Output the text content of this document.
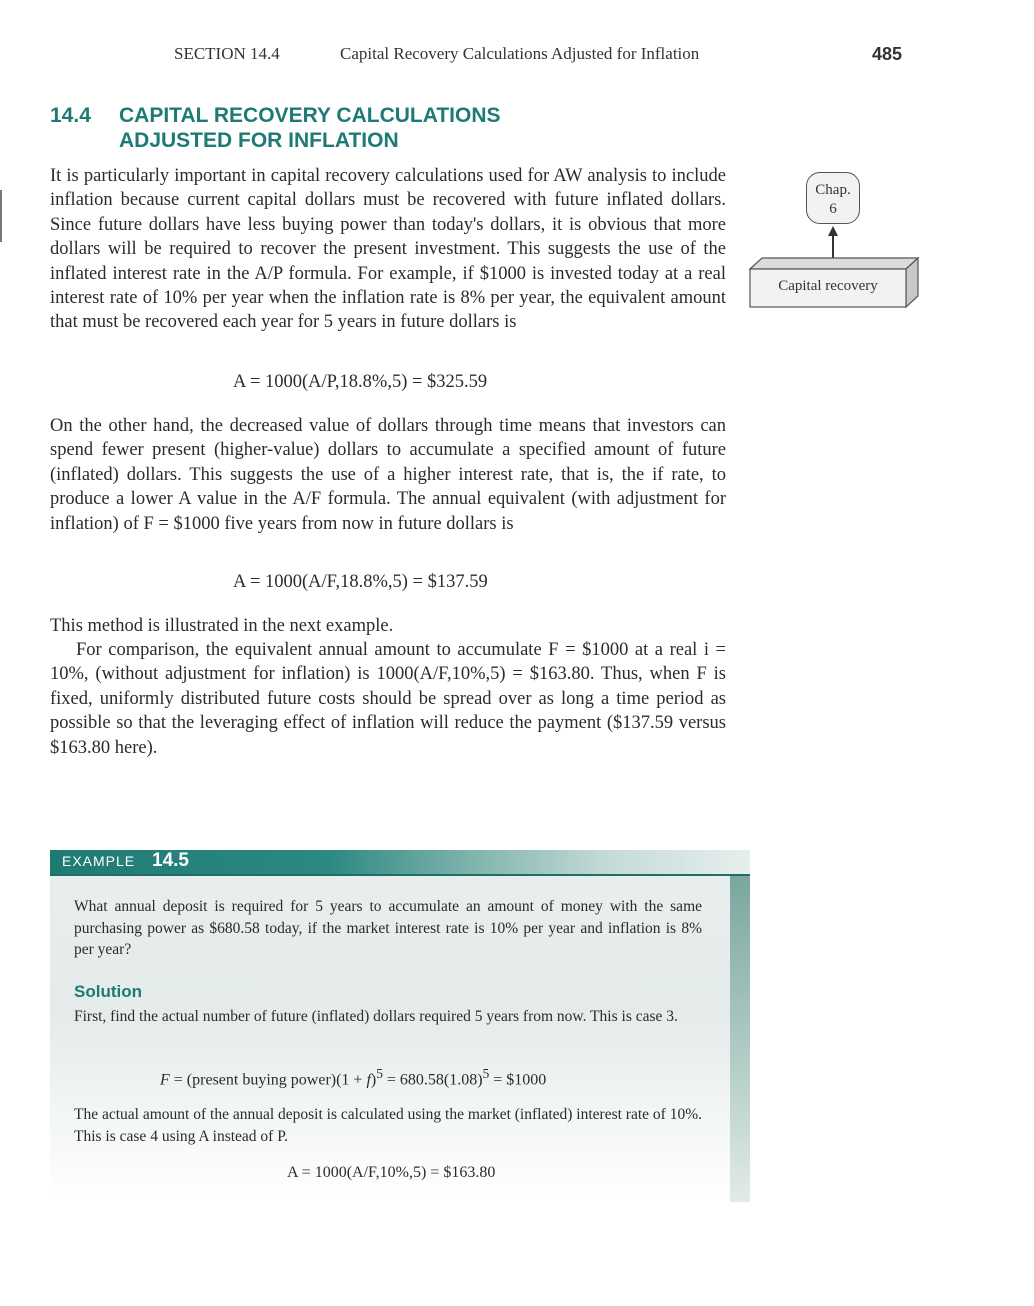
SECTION 14.4	Capital Recovery Calculations Adjusted for Inflation	485
14.4 CAPITAL RECOVERY CALCULATIONS
ADJUSTED FOR INFLATION
It is particularly important in capital recovery calculations used for AW analysis to include inflation because current capital dollars must be recovered with future inflated dollars. Since future dollars have less buying power than today's dollars, it is obvious that more dollars will be required to recover the present investment. This suggests the use of the inflated interest rate in the A/P formula. For example, if $1000 is invested today at a real interest rate of 10% per year when the inflation rate is 8% per year, the equivalent amount that must be recovered each year for 5 years in future dollars is
A = 1000(A/P,18.8%,5) = $325.59
On the other hand, the decreased value of dollars through time means that investors can spend fewer present (higher-value) dollars to accumulate a specified amount of future (inflated) dollars. This suggests the use of a higher interest rate, that is, the if rate, to produce a lower A value in the A/F formula. The annual equivalent (with adjustment for inflation) of F = $1000 five years from now in future dollars is
A = 1000(A/F,18.8%,5) = $137.59
This method is illustrated in the next example.
For comparison, the equivalent annual amount to accumulate F = $1000 at a real i = 10%, (without adjustment for inflation) is 1000(A/F,10%,5) = $163.80. Thus, when F is fixed, uniformly distributed future costs should be spread over as long a time period as possible so that the leveraging effect of inflation will reduce the payment ($137.59 versus $163.80 here).
Chap.
6
Capital recovery
EXAMPLE 14.5
What annual deposit is required for 5 years to accumulate an amount of money with the same purchasing power as $680.58 today, if the market interest rate is 10% per year and inflation is 8% per year?
Solution
First, find the actual number of future (inflated) dollars required 5 years from now. This is case 3.
F = (present buying power)(1 + $f)^5 = 680.58(1.08)^5$ = $1000
The actual amount of the annual deposit is calculated using the market (inflated) interest rate of 10%. This is case 4 using A instead of P.
A = 1000(A/F,10%,5) = $163.80
